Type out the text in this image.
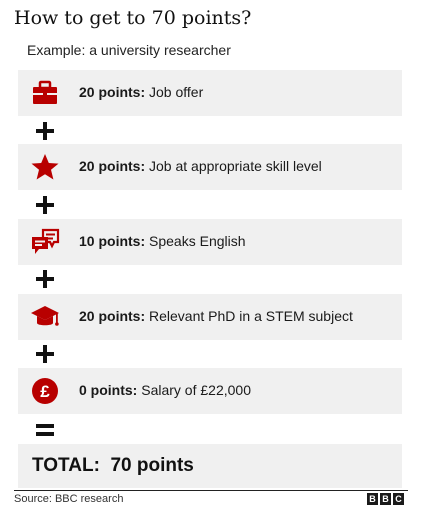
How to get to 70 points?
Example: a university researcher
20 points: Job offer
20 points: Job at appropriate skill level
10 points: Speaks English
20 points: Relevant PhD in a STEM subject
£ 0 points: Salary of £22,000
TOTAL: 70 points
Source: BBC research	B B C
